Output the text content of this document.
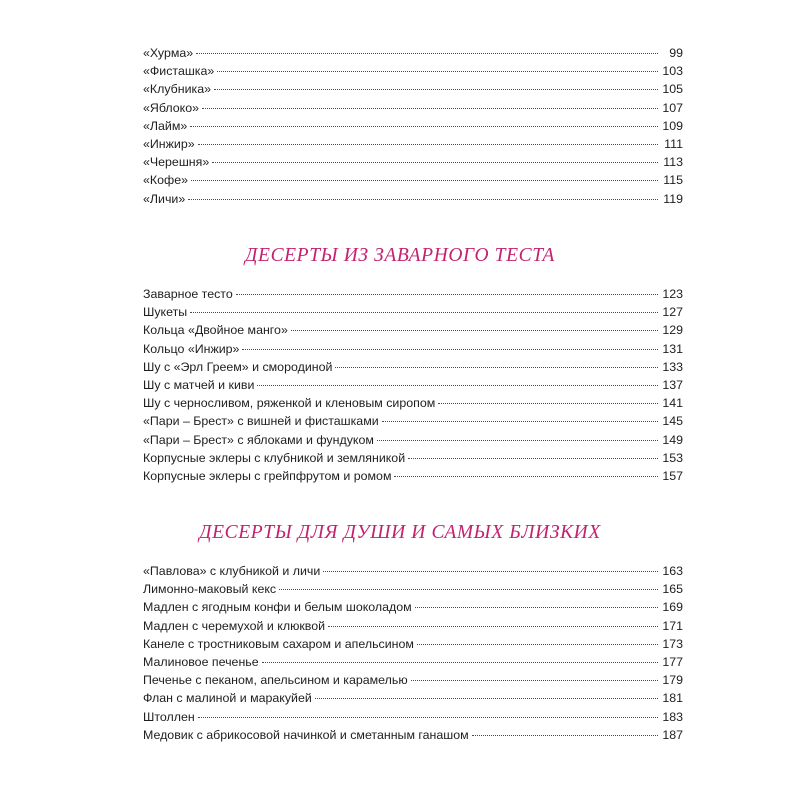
«Хурма»	99
«Фисташка»	103
«Клубника»	105
«Яблоко»	107
«Лайм»	109
«Инжир»	111
«Черешня»	113
«Кофе»	115
«Личи»	119
ДЕСЕРТЫ ИЗ ЗАВАРНОГО ТЕСТА
Заварное тесто	123
Шукеты	127
Кольца «Двойное манго»	129
Кольцо «Инжир»	131
Шу с «Эрл Греем» и смородиной	133
Шу с матчей и киви	137
Шу с черносливом, ряженкой и кленовым сиропом	141
«Пари – Брест» с вишней и фисташками	145
«Пари – Брест» с яблоками и фундуком	149
Корпусные эклеры с клубникой и земляникой	153
Корпусные эклеры с грейпфрутом и ромом	157
ДЕСЕРТЫ ДЛЯ ДУШИ И САМЫХ БЛИЗКИХ
«Павлова» с клубникой и личи	163
Лимонно-маковый кекс	165
Мадлен с ягодным конфи и белым шоколадом	169
Мадлен с черемухой и клюквой	171
Канеле с тростниковым сахаром и апельсином	173
Малиновое печенье	177
Печенье с пеканом, апельсином и карамелью	179
Флан с малиной и маракуйей	181
Штоллен	183
Медовик с абрикосовой начинкой и сметанным ганашом	187
